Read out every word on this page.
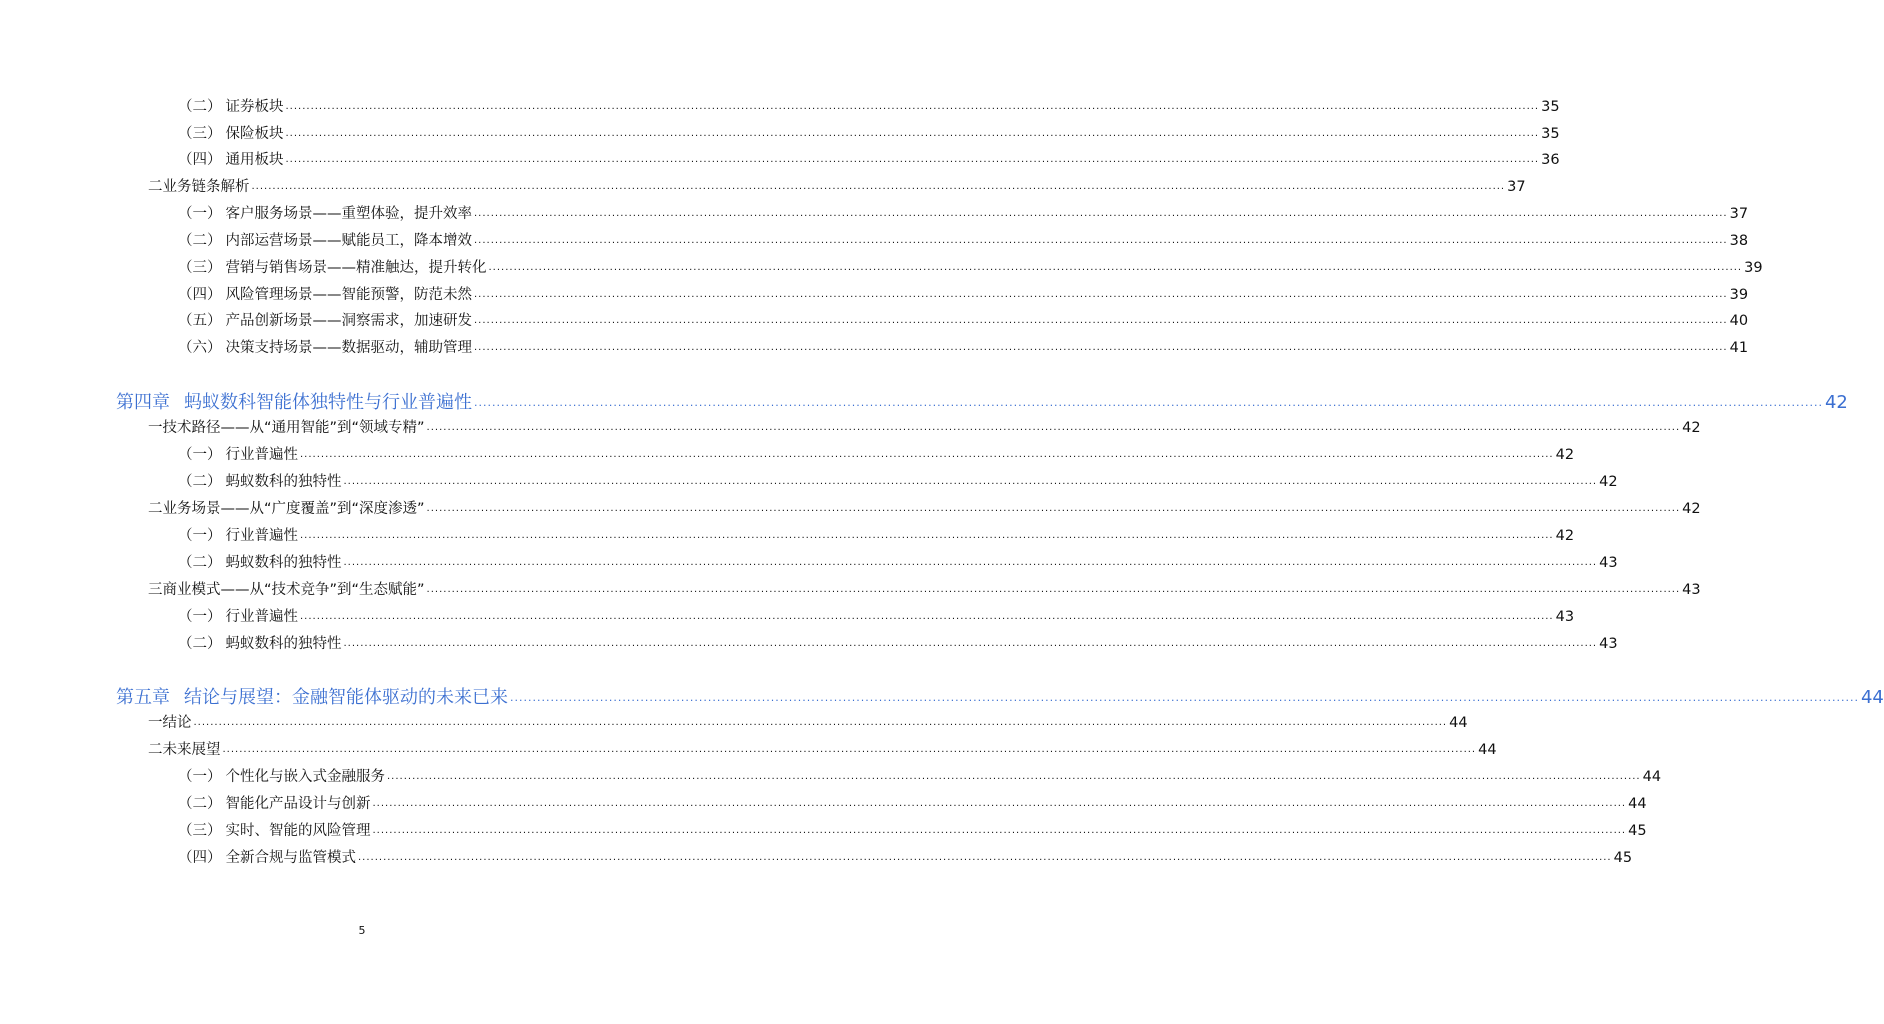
（二） 证券板块 ............................................................................................................................................................................................................................................................................................................ 35
（三） 保险板块 ............................................................................................................................................................................................................................................................................................................ 35
（四） 通用板块 ............................................................................................................................................................................................................................................................................................................ 36
二 业务链条解析 ............................................................................................................................................................................................................................................................................................................ 37
（一） 客户服务场景——重塑体验，提升效率 ............................................................................................................................................................................................................................................................................................................ 37
（二） 内部运营场景——赋能员工，降本增效 ............................................................................................................................................................................................................................................................................................................ 38
（三） 营销与销售场景——精准触达，提升转化 ............................................................................................................................................................................................................................................................................................................ 39
（四） 风险管理场景——智能预警，防范未然 ............................................................................................................................................................................................................................................................................................................ 39
（五） 产品创新场景——洞察需求，加速研发 ............................................................................................................................................................................................................................................................................................................ 40
（六） 决策支持场景——数据驱动，辅助管理 ............................................................................................................................................................................................................................................................................................................ 41
第四章 蚂蚁数科智能体独特性与行业普遍性 ............................................................................................................................................................................................................................................................................................................ 42
一 技术路径——从“通用智能”到“领域专精” ............................................................................................................................................................................................................................................................................................................ 42
（一） 行业普遍性 ............................................................................................................................................................................................................................................................................................................ 42
（二） 蚂蚁数科的独特性 ............................................................................................................................................................................................................................................................................................................ 42
二 业务场景——从“广度覆盖”到“深度渗透” ............................................................................................................................................................................................................................................................................................................ 42
（一） 行业普遍性 ............................................................................................................................................................................................................................................................................................................ 42
（二） 蚂蚁数科的独特性 ............................................................................................................................................................................................................................................................................................................ 43
三 商业模式——从“技术竞争”到“生态赋能” ............................................................................................................................................................................................................................................................................................................ 43
（一） 行业普遍性 ............................................................................................................................................................................................................................................................................................................ 43
（二） 蚂蚁数科的独特性 ............................................................................................................................................................................................................................................................................................................ 43
第五章 结论与展望：金融智能体驱动的未来已来 ............................................................................................................................................................................................................................................................................................................ 44
一 结论 ............................................................................................................................................................................................................................................................................................................ 44
二 未来展望 ............................................................................................................................................................................................................................................................................................................ 44
（一） 个性化与嵌入式金融服务 ............................................................................................................................................................................................................................................................................................................ 44
（二） 智能化产品设计与创新 ............................................................................................................................................................................................................................................................................................................ 44
（三） 实时、智能的风险管理 ............................................................................................................................................................................................................................................................................................................ 45
（四） 全新合规与监管模式 ............................................................................................................................................................................................................................................................................................................ 45
5
